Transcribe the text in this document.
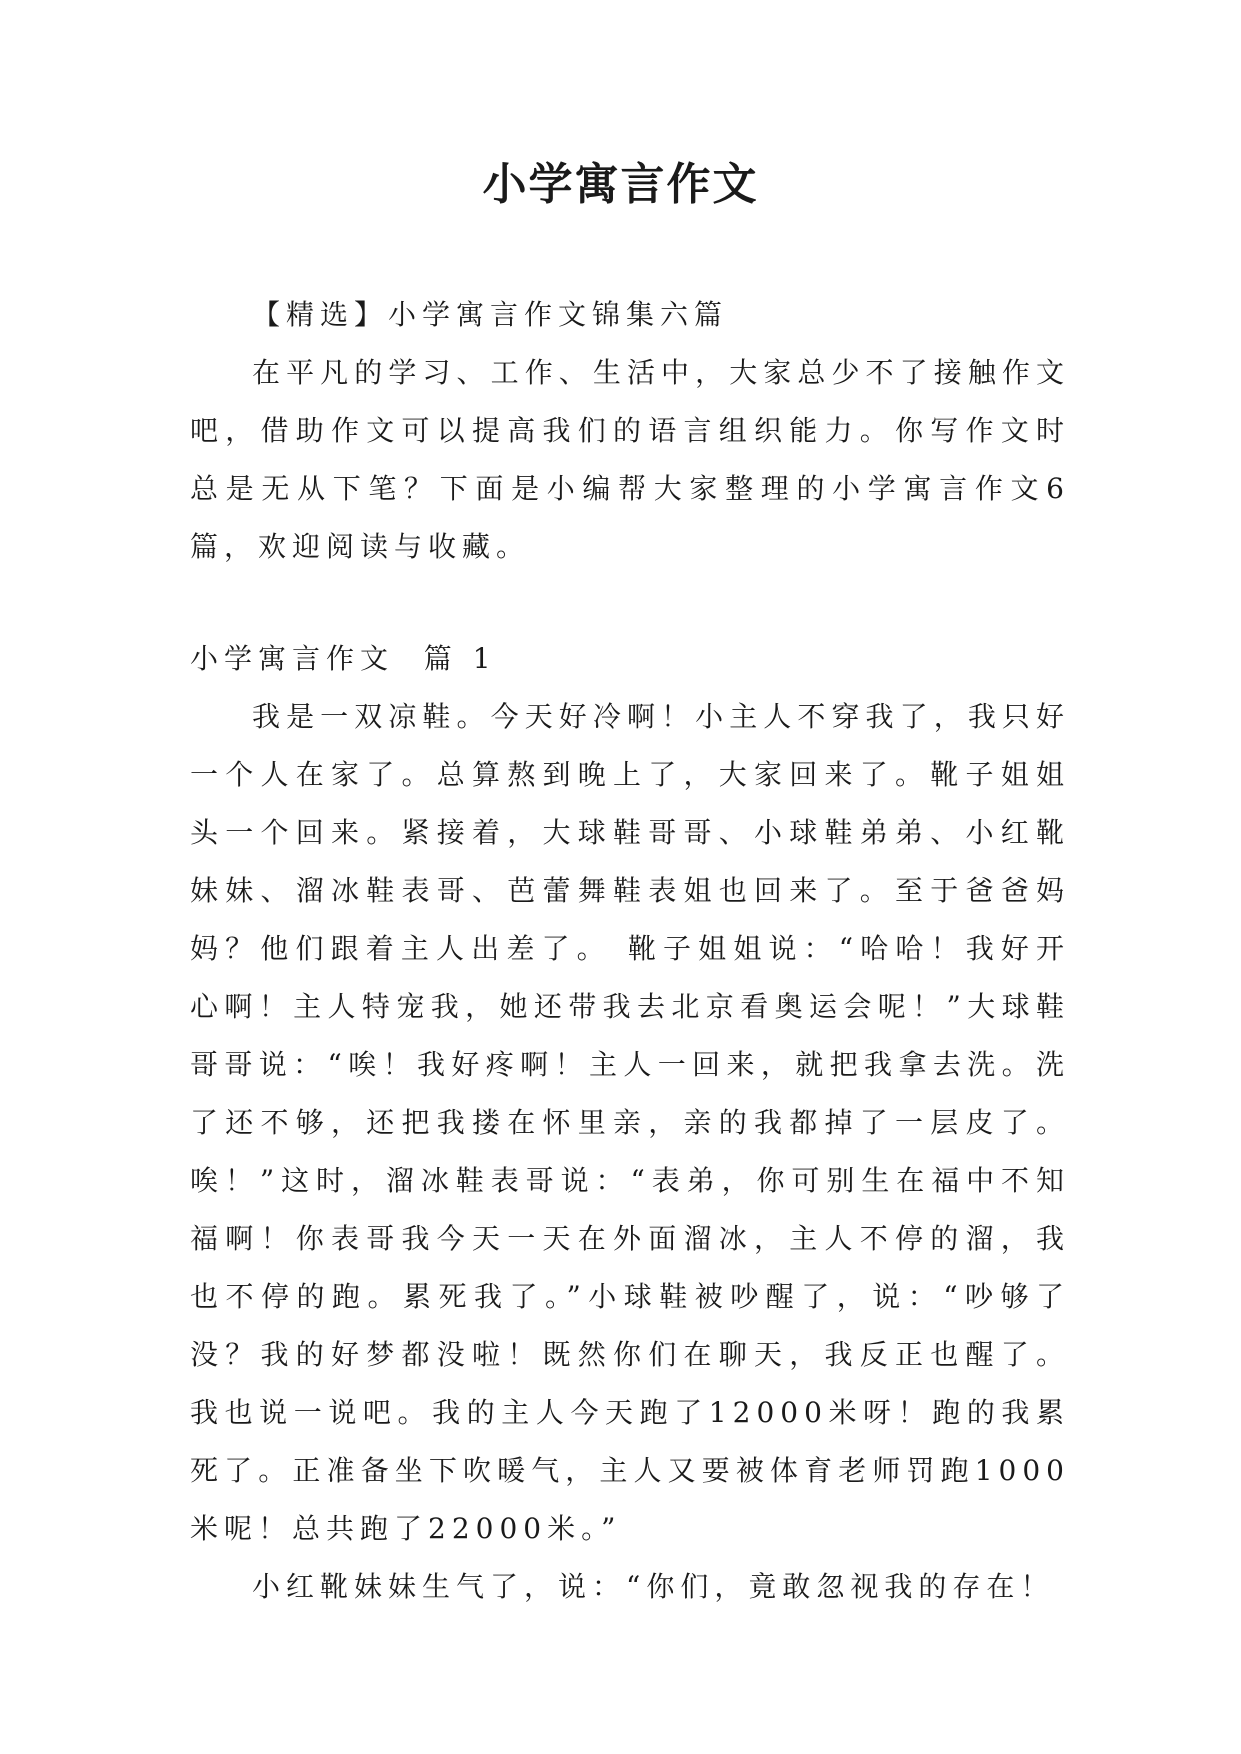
小学寓言作文

【精选】小学寓言作文锦集六篇

在平凡的学习、工作、生活中，大家总少不了接触作文吧，借助作文可以提高我们的语言组织能力。你写作文时总是无从下笔？下面是小编帮大家整理的小学寓言作文6篇，欢迎阅读与收藏。

小学寓言作文  篇 1

我是一双凉鞋。今天好冷啊！小主人不穿我了，我只好一个人在家了。总算熬到晚上了，大家回来了。靴子姐姐头一个回来。紧接着，大球鞋哥哥、小球鞋弟弟、小红靴妹妹、溜冰鞋表哥、芭蕾舞鞋表姐也回来了。至于爸爸妈妈？他们跟着主人出差了。 靴子姐姐说：“哈哈！我好开心啊！主人特宠我，她还带我去北京看奥运会呢！”大球鞋哥哥说：“唉！我好疼啊！主人一回来，就把我拿去洗。洗了还不够，还把我搂在怀里亲，亲的我都掉了一层皮了。唉！”这时，溜冰鞋表哥说：“表弟，你可别生在福中不知福啊！你表哥我今天一天在外面溜冰，主人不停的溜，我也不停的跑。累死我了。”小球鞋被吵醒了，说：“吵够了没？我的好梦都没啦！既然你们在聊天，我反正也醒了。我也说一说吧。我的主人今天跑了12000米呀！跑的我累死了。正准备坐下吹暖气，主人又要被体育老师罚跑1000米呢！总共跑了22000米。”

小红靴妹妹生气了，说：“你们，竟敢忽视我的存在！
